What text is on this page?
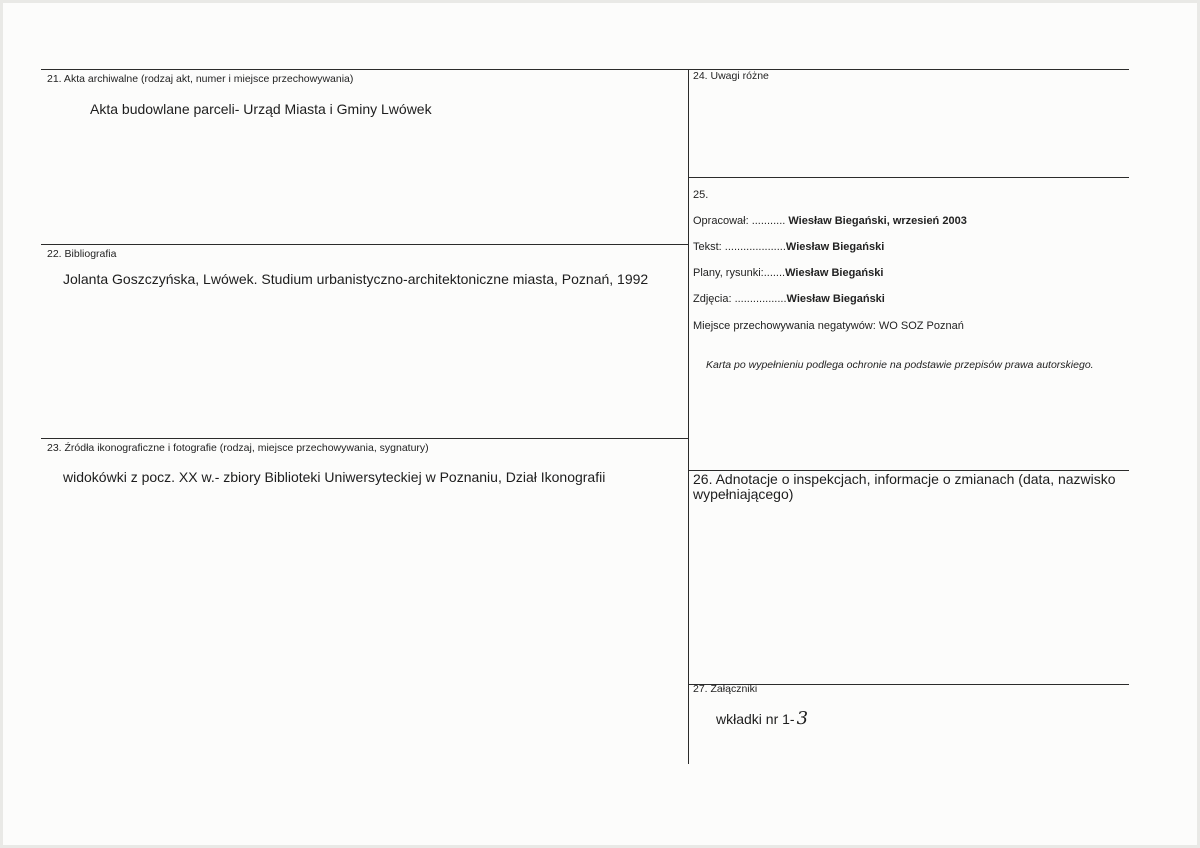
21. Akta archiwalne (rodzaj akt, numer i miejsce przechowywania)
Akta budowlane parceli- Urząd Miasta i Gminy Lwówek
22. Bibliografia
Jolanta Goszczyńska, Lwówek. Studium urbanistyczno-architektoniczne miasta, Poznań, 1992
23. Źródła ikonograficzne i fotografie (rodzaj, miejsce przechowywania, sygnatury)
widokówki z pocz. XX w.- zbiory Biblioteki Uniwersyteckiej w Poznaniu, Dział Ikonografii
24. Uwagi różne
25.
Opracował: ........... Wiesław Biegański, wrzesień 2003
Tekst: ....................Wiesław Biegański
Plany, rysunki:.......Wiesław Biegański
Zdjęcia: .................Wiesław Biegański
Miejsce przechowywania negatywów: WO SOZ Poznań
Karta po wypełnieniu podlega ochronie na podstawie przepisów prawa autorskiego.
26. Adnotacje o inspekcjach, informacje o zmianach (data, nazwisko wypełniającego)
27. Załączniki
wkładki nr 1- 3
